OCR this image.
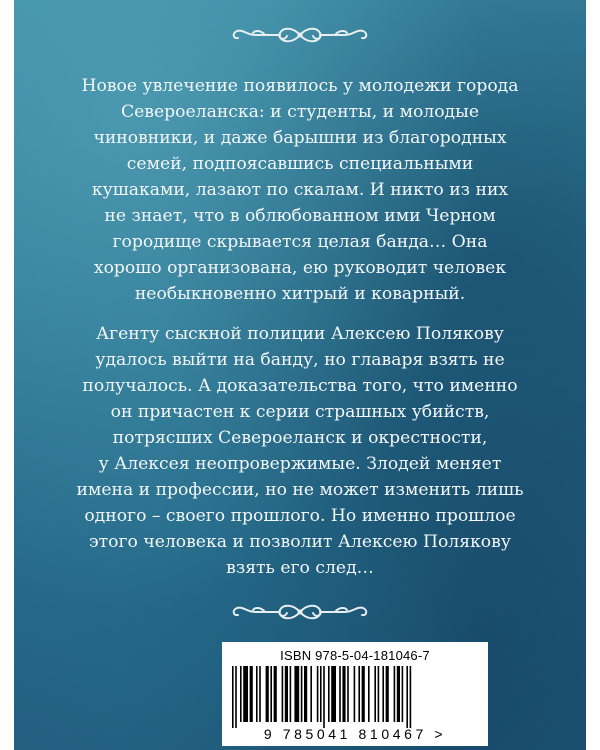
Новое увлечение появилось у молодежи города
Североеланска: и студенты, и молодые
чиновники, и даже барышни из благородных
семей, подпоясавшись специальными
кушаками, лазают по скалам. И никто из них
не знает, что в облюбованном ими Черном
городище скрывается целая банда… Она
хорошо организована, ею руководит человек
необыкновенно хитрый и коварный.
Агенту сыскной полиции Алексею Полякову
удалось выйти на банду, но главаря взять не
получалось. А доказательства того, что именно
он причастен к серии страшных убийств,
потрясших Североеланск и окрестности,
у Алексея неопровержимые. Злодей меняет
имена и профессии, но не может изменить лишь
одного – своего прошлого. Но именно прошлое
этого человека и позволит Алексею Полякову
взять его след…
ISBN 978-5-04-181046-7
9 785041 810467 >
